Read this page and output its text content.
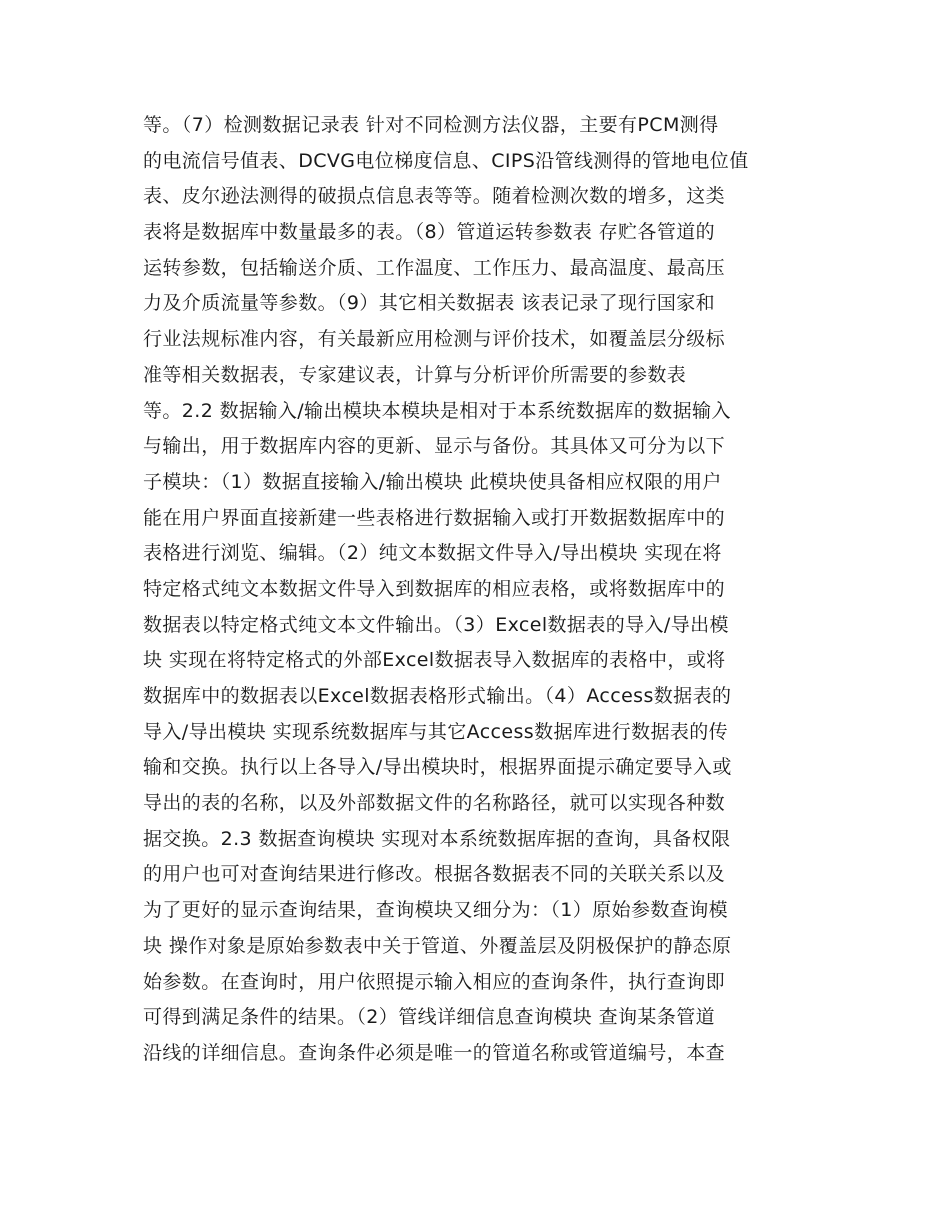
等。（7）检测数据记录表 针对不同检测方法仪器，主要有PCM测得
的电流信号值表、DCVG电位梯度信息、CIPS沿管线测得的管地电位值
表、皮尔逊法测得的破损点信息表等等。随着检测次数的增多，这类
表将是数据库中数量最多的表。（8）管道运转参数表 存贮各管道的
运转参数，包括输送介质、工作温度、工作压力、最高温度、最高压
力及介质流量等参数。（9）其它相关数据表 该表记录了现行国家和
行业法规标准内容，有关最新应用检测与评价技术，如覆盖层分级标
准等相关数据表，专家建议表，计算与分析评价所需要的参数表
等。2.2 数据输入/输出模块本模块是相对于本系统数据库的数据输入
与输出，用于数据库内容的更新、显示与备份。其具体又可分为以下
子模块：（1）数据直接输入/输出模块 此模块使具备相应权限的用户
能在用户界面直接新建一些表格进行数据输入或打开数据数据库中的
表格进行浏览、编辑。（2）纯文本数据文件导入/导出模块 实现在将
特定格式纯文本数据文件导入到数据库的相应表格，或将数据库中的
数据表以特定格式纯文本文件输出。（3）Excel数据表的导入/导出模
块 实现在将特定格式的外部Excel数据表导入数据库的表格中，或将
数据库中的数据表以Excel数据表格形式输出。（4）Access数据表的
导入/导出模块 实现系统数据库与其它Access数据库进行数据表的传
输和交换。执行以上各导入/导出模块时，根据界面提示确定要导入或
导出的表的名称，以及外部数据文件的名称路径，就可以实现各种数
据交换。2.3 数据查询模块 实现对本系统数据库据的查询，具备权限
的用户也可对查询结果进行修改。根据各数据表不同的关联关系以及
为了更好的显示查询结果，查询模块又细分为：（1）原始参数查询模
块 操作对象是原始参数表中关于管道、外覆盖层及阴极保护的静态原
始参数。在查询时，用户依照提示输入相应的查询条件，执行查询即
可得到满足条件的结果。（2）管线详细信息查询模块 查询某条管道
沿线的详细信息。查询条件必须是唯一的管道名称或管道编号，本查
